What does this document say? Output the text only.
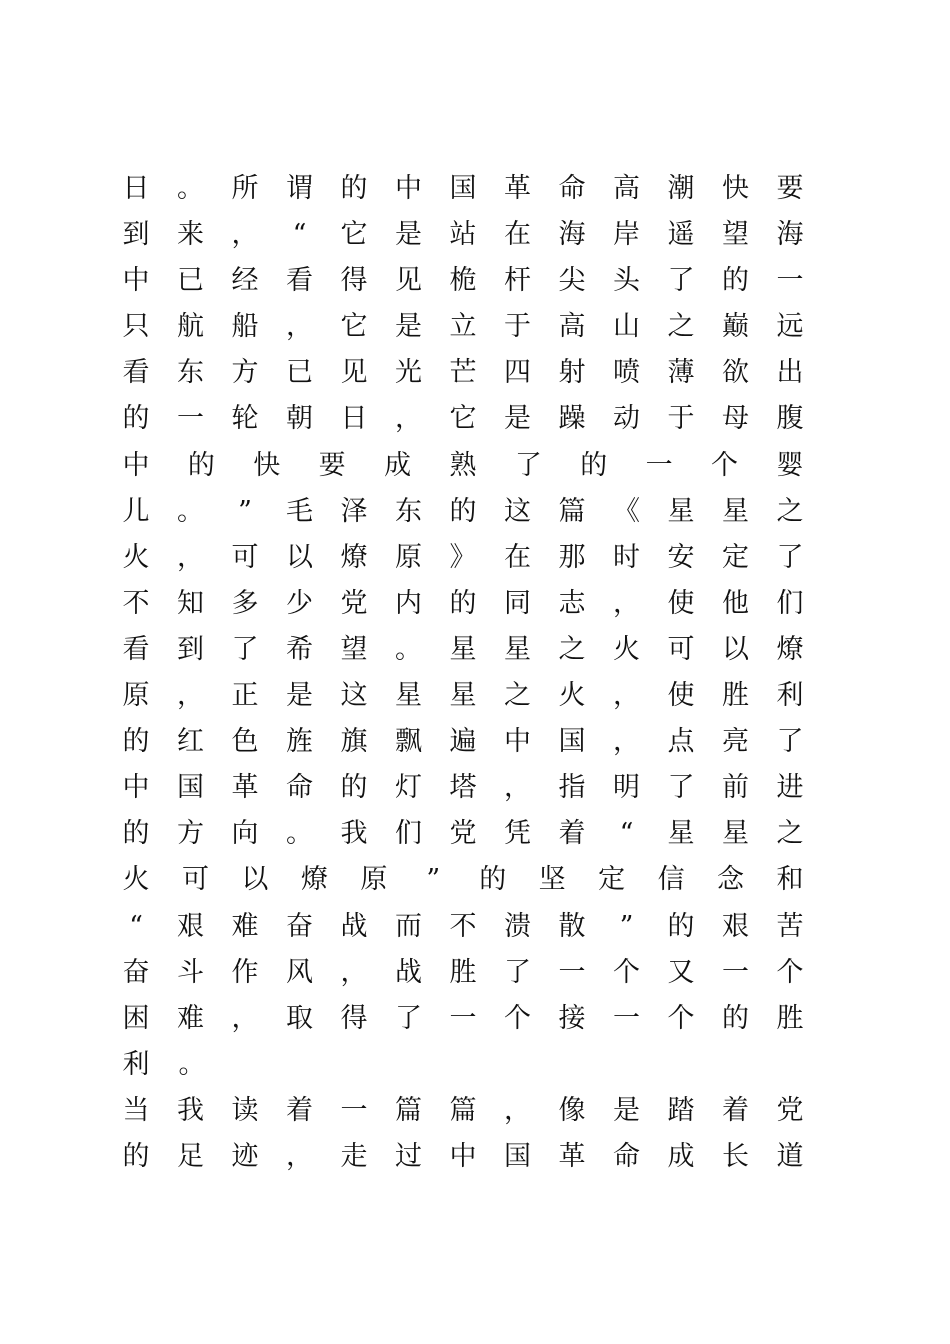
日 。 所 谓 的 中 国 革 命 高 潮 快 要
到 来 ， “ 它 是 站 在 海 岸 遥 望 海
中 已 经 看 得 见 桅 杆 尖 头 了 的 一
只 航 船 ， 它 是 立 于 高 山 之 巅 远
看 东 方 已 见 光 芒 四 射 喷 薄 欲 出
的 一 轮 朝 日 ， 它 是 躁 动 于 母 腹
中 的 快 要 成 熟 了 的 一 个 婴
儿 。 ” 毛 泽 东 的 这 篇 《 星 星 之
火 ， 可 以 燎 原 》 在 那 时 安 定 了
不 知 多 少 党 内 的 同 志 ， 使 他 们
看 到 了 希 望 。 星 星 之 火 可 以 燎
原 ， 正 是 这 星 星 之 火 ， 使 胜 利
的 红 色 旌 旗 飘 遍 中 国 ， 点 亮 了
中 国 革 命 的 灯 塔 ， 指 明 了 前 进
的 方 向 。 我 们 党 凭 着 “ 星 星 之
火 可 以 燎 原 ” 的 坚 定 信 念 和
“ 艰 难 奋 战 而 不 溃 散 ” 的 艰 苦
奋 斗 作 风 ， 战 胜 了 一 个 又 一 个
困 难 ， 取 得 了 一 个 接 一 个 的 胜
利 。
当 我 读 着 一 篇 篇 ， 像 是 踏 着 党
的 足 迹 ， 走 过 中 国 革 命 成 长 道
